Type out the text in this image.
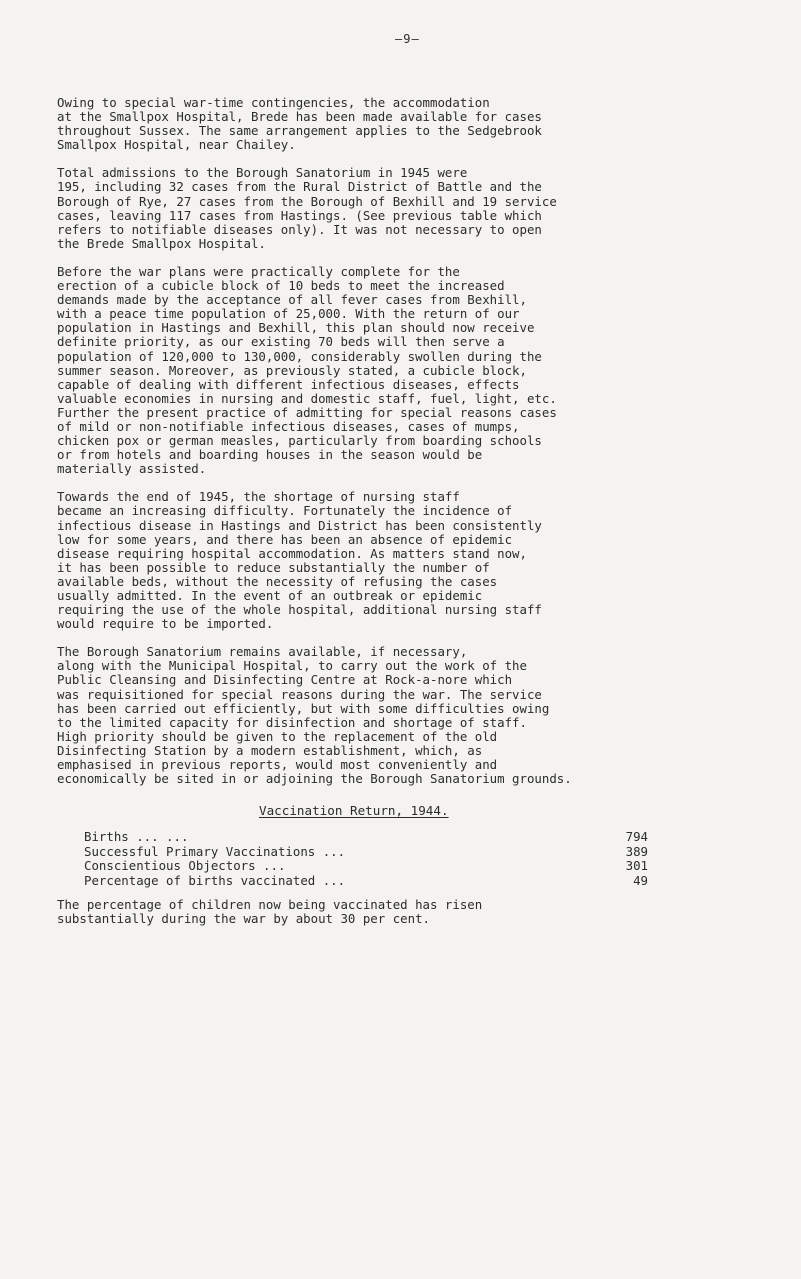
–9–

Owing to special war-time contingencies, the accommodation
at the Smallpox Hospital, Brede has been made available for cases
throughout Sussex. The same arrangement applies to the Sedgebrook
Smallpox Hospital, near Chailey.

Total admissions to the Borough Sanatorium in 1945 were
195, including 32 cases from the Rural District of Battle and the
Borough of Rye, 27 cases from the Borough of Bexhill and 19 service
cases, leaving 117 cases from Hastings. (See previous table which
refers to notifiable diseases only). It was not necessary to open
the Brede Smallpox Hospital.

Before the war plans were practically complete for the
erection of a cubicle block of 10 beds to meet the increased
demands made by the acceptance of all fever cases from Bexhill,
with a peace time population of 25,000. With the return of our
population in Hastings and Bexhill, this plan should now receive
definite priority, as our existing 70 beds will then serve a
population of 120,000 to 130,000, considerably swollen during the
summer season. Moreover, as previously stated, a cubicle block,
capable of dealing with different infectious diseases, effects
valuable economies in nursing and domestic staff, fuel, light, etc.
Further the present practice of admitting for special reasons cases
of mild or non-notifiable infectious diseases, cases of mumps,
chicken pox or german measles, particularly from boarding schools
or from hotels and boarding houses in the season would be
materially assisted.

Towards the end of 1945, the shortage of nursing staff
became an increasing difficulty. Fortunately the incidence of
infectious disease in Hastings and District has been consistently
low for some years, and there has been an absence of epidemic
disease requiring hospital accommodation. As matters stand now,
it has been possible to reduce substantially the number of
available beds, without the necessity of refusing the cases
usually admitted. In the event of an outbreak or epidemic
requiring the use of the whole hospital, additional nursing staff
would require to be imported.

The Borough Sanatorium remains available, if necessary,
along with the Municipal Hospital, to carry out the work of the
Public Cleansing and Disinfecting Centre at Rock-a-nore which
was requisitioned for special reasons during the war. The service
has been carried out efficiently, but with some difficulties owing
to the limited capacity for disinfection and shortage of staff.
High priority should be given to the replacement of the old
Disinfecting Station by a modern establishment, which, as
emphasised in previous reports, would most conveniently and
economically be sited in or adjoining the Borough Sanatorium grounds.

Vaccination Return, 1944.
Births ... ...	794
Successful Primary Vaccinations ...	389
Conscientious Objectors ...	301
Percentage of births vaccinated ...	49

The percentage of children now being vaccinated has risen
substantially during the war by about 30 per cent.
